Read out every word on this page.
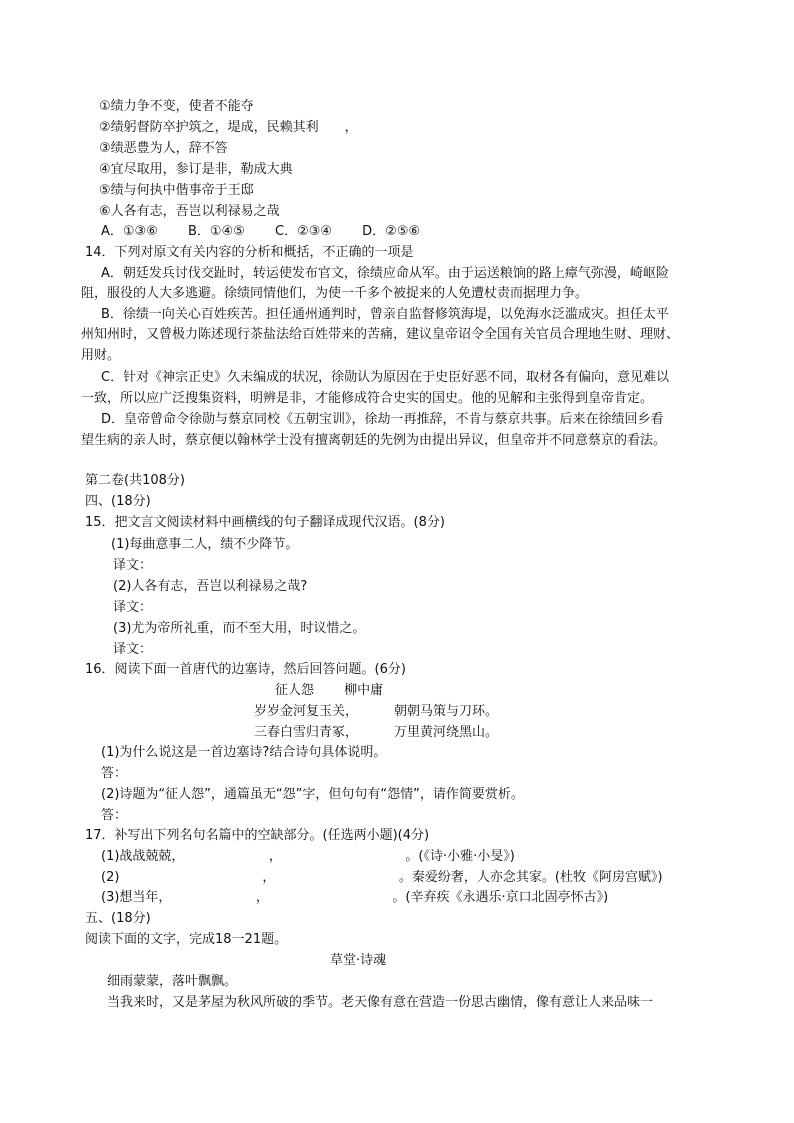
①绩力争不变，使者不能夺
②绩躬督防卒护筑之，堤成，民赖其利　　，
③绩恶豊为人，辞不答
④宜尽取用，参订是非，勒成大典
⑤绩与何执中偕事帝于王邸
⑥人各有志，吾岂以利禄易之哉
A．①③⑥　　 B．①④⑤　　 C．②③④　　 D．②⑤⑥
14．下列对原文有关内容的分析和概括，不正确的一项是
A．朝廷发兵讨伐交趾时，转运使发布官文，徐绩应命从军。由于运送粮饷的路上瘴气弥漫，崎岖险
阻，服役的人大多逃避。徐绩同情他们，为使一千多个被捉来的人免遭杖责而据理力争。
B．徐绩一向关心百姓疾苦。担任通州通判时，曾亲自监督修筑海堤，以免海水泛滥成灾。担任太平
州知州时，又曾极力陈述现行茶盐法给百姓带来的苦痛，建议皇帝诏令全国有关官员合理地生财、理财、
用财。
C．针对《神宗正史》久未编成的状况，徐勋认为原因在于史臣好恶不同，取材各有偏向，意见难以
一致，所以应广泛搜集资料，明辨是非，才能修成符合史实的国史。他的见解和主张得到皇帝肯定。
D．皇帝曾命令徐勋与蔡京同校《五朝宝训》，徐劫一再推辞，不肯与蔡京共事。后来在徐绩回乡看
望生病的亲人时，蔡京便以翰林学士没有擅离朝廷的先例为由提出异议，但皇帝并不同意蔡京的看法。
第二卷(共108分)
四、(18分)
15．把文言文阅读材料中画横线的句子翻译成现代汉语。(8分)
(1)每曲意事二人，绩不少降节。
译文：
(2)人各有志，吾岂以利禄易之哉?
译文：
(3)尤为帝所礼重，而不至大用，时议惜之。
译文：
16．阅读下面一首唐代的边塞诗，然后回答问题。(6分)
征人怨　　 柳中庸
岁岁金河复玉关，	朝朝马策与刀环。
三春白雪归青冢，	万里黄河绕黑山。
(1)为什么说这是一首边塞诗?结合诗句具体说明。
答：
(2)诗题为“征人怨”，通篇虽无“怨”字，但句句有“怨情”，请作简要赏析。
答：
17．补写出下列名句名篇中的空缺部分。(任选两小题)(4分)
(1)战战兢兢，　　　　　　　，　　　　　　　　　　。(《诗·小雅·小旻》)
(2)　　　　　　　　　　　，　　　　　　　　　　。秦爱纷奢，人亦念其家。(杜牧《阿房宫赋》)
(3)想当年，　　　　　　　，　　　　　　　　　　。(辛弃疾《永遇乐·京口北固亭怀古》)
五、(18分)
阅读下面的文字，完成18一21题。
草堂·诗魂
细雨蒙蒙，落叶飘飘。
当我来时，又是茅屋为秋风所破的季节。老天像有意在营造一份思古幽情，像有意让人来品味一
